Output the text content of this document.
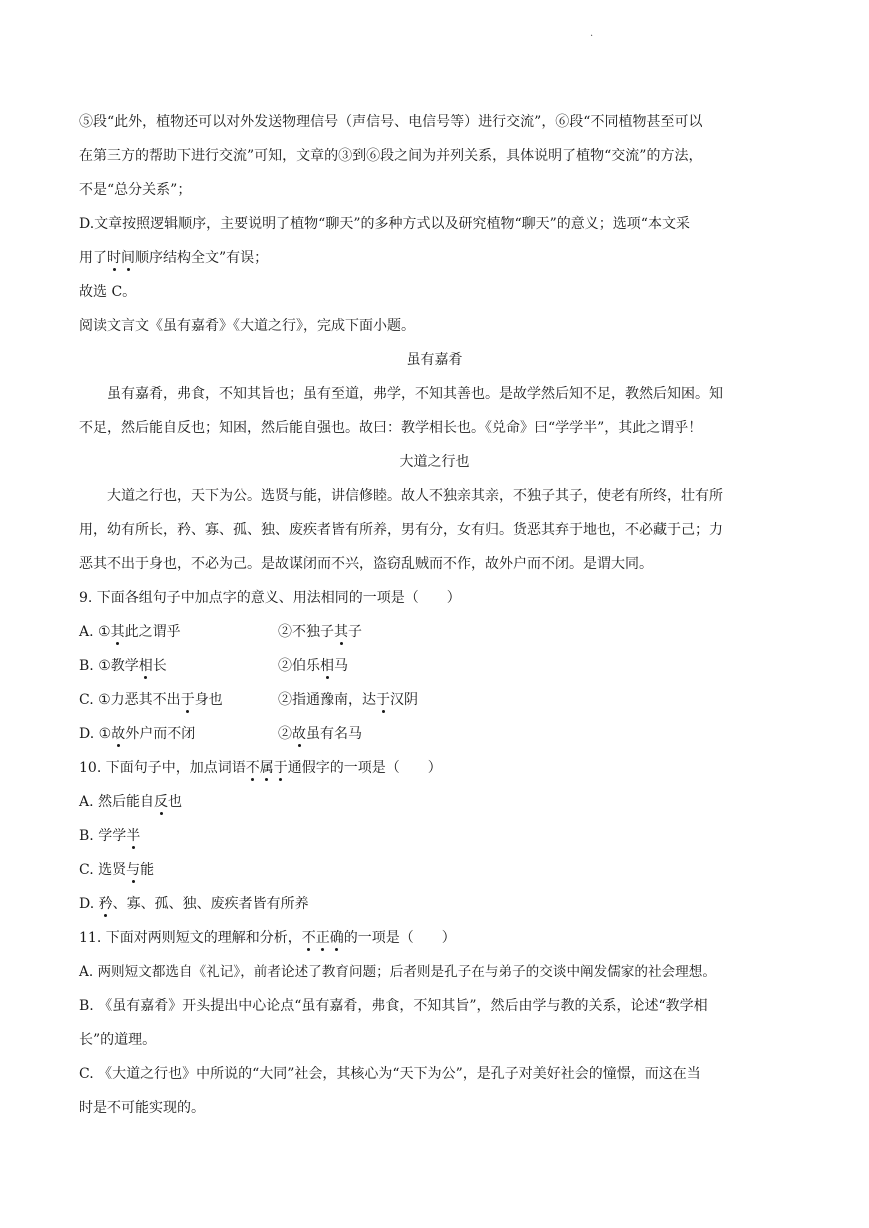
.
⑤段“此外，植物还可以对外发送物理信号（声信号、电信号等）进行交流”，⑥段“不同植物甚至可以
在第三方的帮助下进行交流”可知，文章的③到⑥段之间为并列关系，具体说明了植物“交流”的方法，
不是“总分关系”；
D.文章按照逻辑顺序，主要说明了植物“聊天”的多种方式以及研究植物“聊天”的意义；选项“本文采
用了时间顺序结构全文”有误；
故选 C。
阅读文言文《虽有嘉肴》《大道之行》，完成下面小题。
虽有嘉肴
虽有嘉肴，弗食，不知其旨也；虽有至道，弗学，不知其善也。是故学然后知不足，教然后知困。知
不足，然后能自反也；知困，然后能自强也。故曰：教学相长也。《兑命》曰“学学半”，其此之谓乎！
大道之行也
大道之行也，天下为公。选贤与能，讲信修睦。故人不独亲其亲，不独子其子，使老有所终，壮有所
用，幼有所长，矜、寡、孤、独、废疾者皆有所养，男有分，女有归。货恶其弃于地也，不必藏于己；力
恶其不出于身也，不必为己。是故谋闭而不兴，盗窃乱贼而不作，故外户而不闭。是谓大同。
9. 下面各组句子中加点字的意义、用法相同的一项是（　　）
A. ①其此之谓乎	②不独子其子
B. ①教学相长	②伯乐相马
C. ①力恶其不出于身也	②指通豫南，达于汉阴
D. ①故外户而不闭	②故虽有名马
10. 下面句子中，加点词语不属于通假字的一项是（　　）
A. 然后能自反也
B. 学学半
C. 选贤与能
D. 矜、寡、孤、独、废疾者皆有所养
11. 下面对两则短文的理解和分析，不正确的一项是（　　）
A. 两则短文都选自《礼记》，前者论述了教育问题；后者则是孔子在与弟子的交谈中阐发儒家的社会理想。
B. 《虽有嘉肴》开头提出中心论点“虽有嘉肴，弗食，不知其旨”，然后由学与教的关系，论述“教学相
长”的道理。
C. 《大道之行也》中所说的“大同”社会，其核心为“天下为公”，是孔子对美好社会的憧憬，而这在当
时是不可能实现的。
